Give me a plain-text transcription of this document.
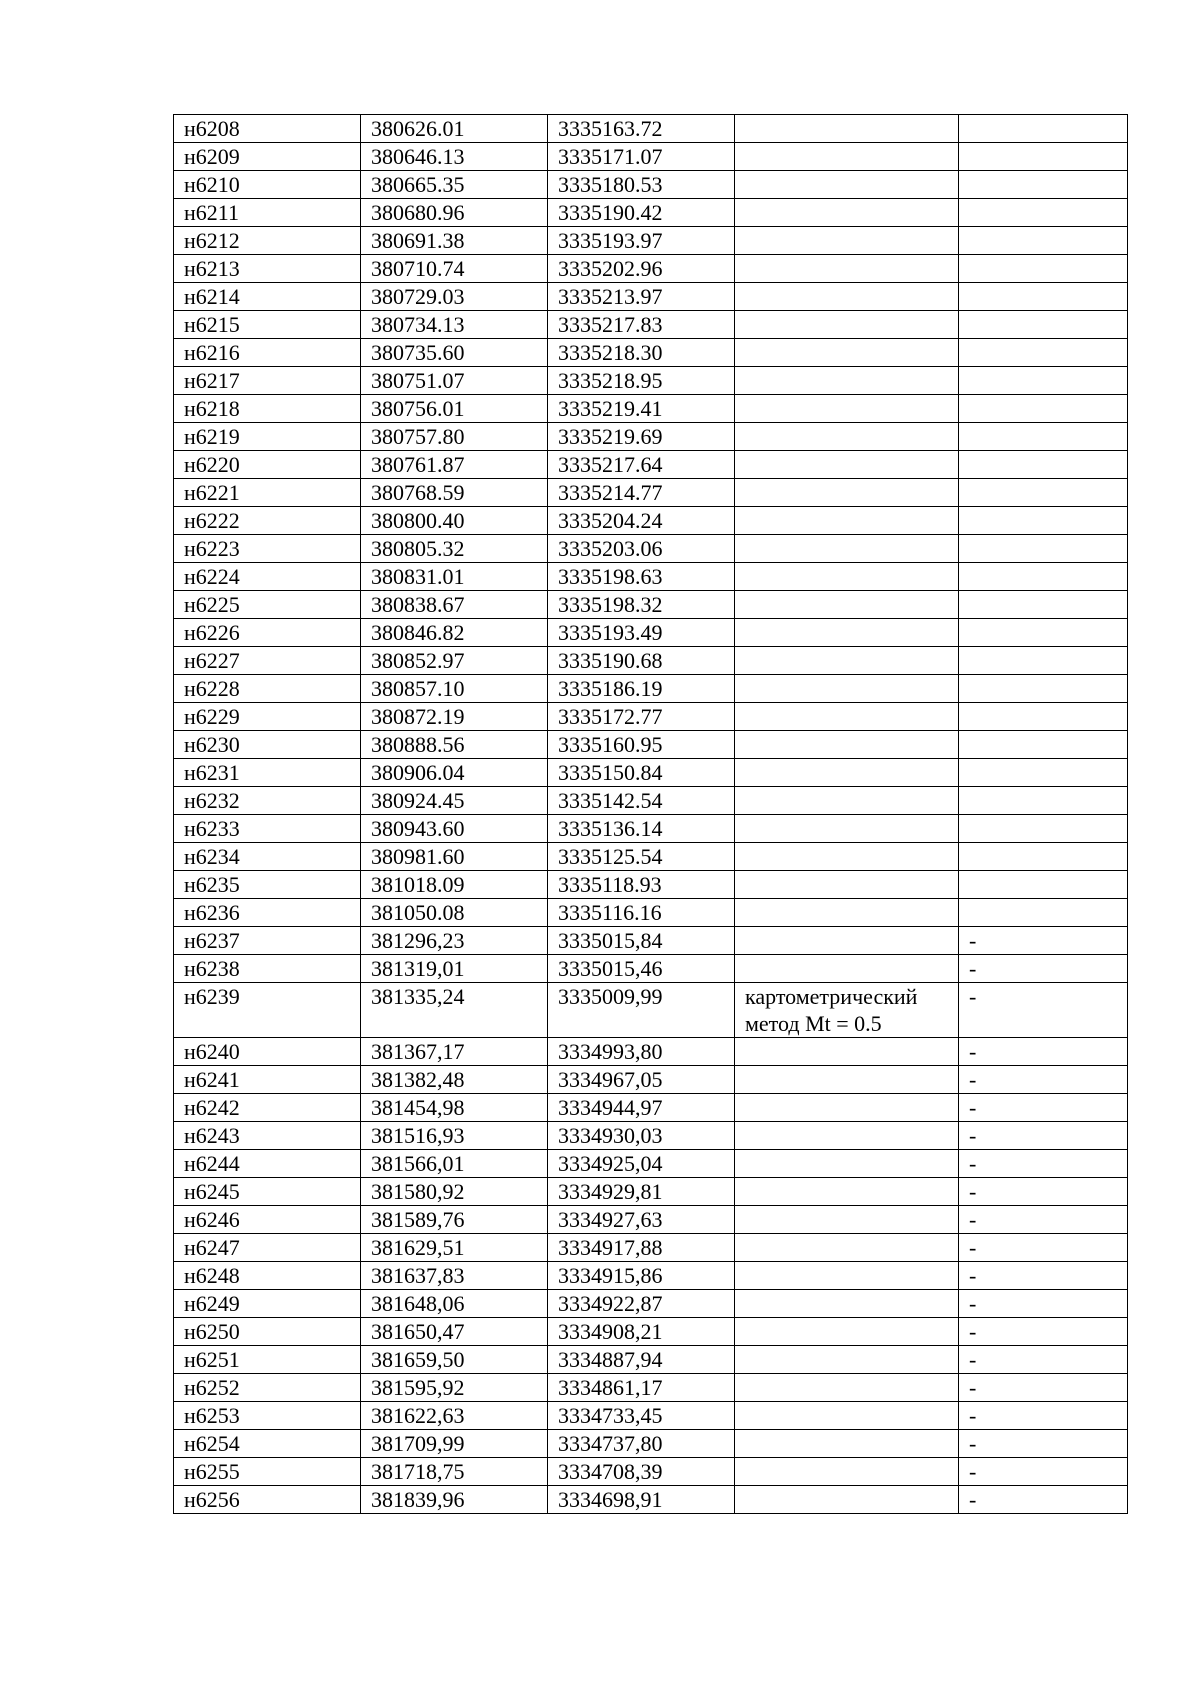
н6208	380626.01	3335163.72		
н6209	380646.13	3335171.07		
н6210	380665.35	3335180.53		
н6211	380680.96	3335190.42		
н6212	380691.38	3335193.97		
н6213	380710.74	3335202.96		
н6214	380729.03	3335213.97		
н6215	380734.13	3335217.83		
н6216	380735.60	3335218.30		
н6217	380751.07	3335218.95		
н6218	380756.01	3335219.41		
н6219	380757.80	3335219.69		
н6220	380761.87	3335217.64		
н6221	380768.59	3335214.77		
н6222	380800.40	3335204.24		
н6223	380805.32	3335203.06		
н6224	380831.01	3335198.63		
н6225	380838.67	3335198.32		
н6226	380846.82	3335193.49		
н6227	380852.97	3335190.68		
н6228	380857.10	3335186.19		
н6229	380872.19	3335172.77		
н6230	380888.56	3335160.95		
н6231	380906.04	3335150.84		
н6232	380924.45	3335142.54		
н6233	380943.60	3335136.14		
н6234	380981.60	3335125.54		
н6235	381018.09	3335118.93		
н6236	381050.08	3335116.16		
н6237	381296,23	3335015,84		-
н6238	381319,01	3335015,46		-
н6239	381335,24	3335009,99	картометрический метод Mt = 0.5	-
н6240	381367,17	3334993,80		-
н6241	381382,48	3334967,05		-
н6242	381454,98	3334944,97		-
н6243	381516,93	3334930,03		-
н6244	381566,01	3334925,04		-
н6245	381580,92	3334929,81		-
н6246	381589,76	3334927,63		-
н6247	381629,51	3334917,88		-
н6248	381637,83	3334915,86		-
н6249	381648,06	3334922,87		-
н6250	381650,47	3334908,21		-
н6251	381659,50	3334887,94		-
н6252	381595,92	3334861,17		-
н6253	381622,63	3334733,45		-
н6254	381709,99	3334737,80		-
н6255	381718,75	3334708,39		-
н6256	381839,96	3334698,91		-
